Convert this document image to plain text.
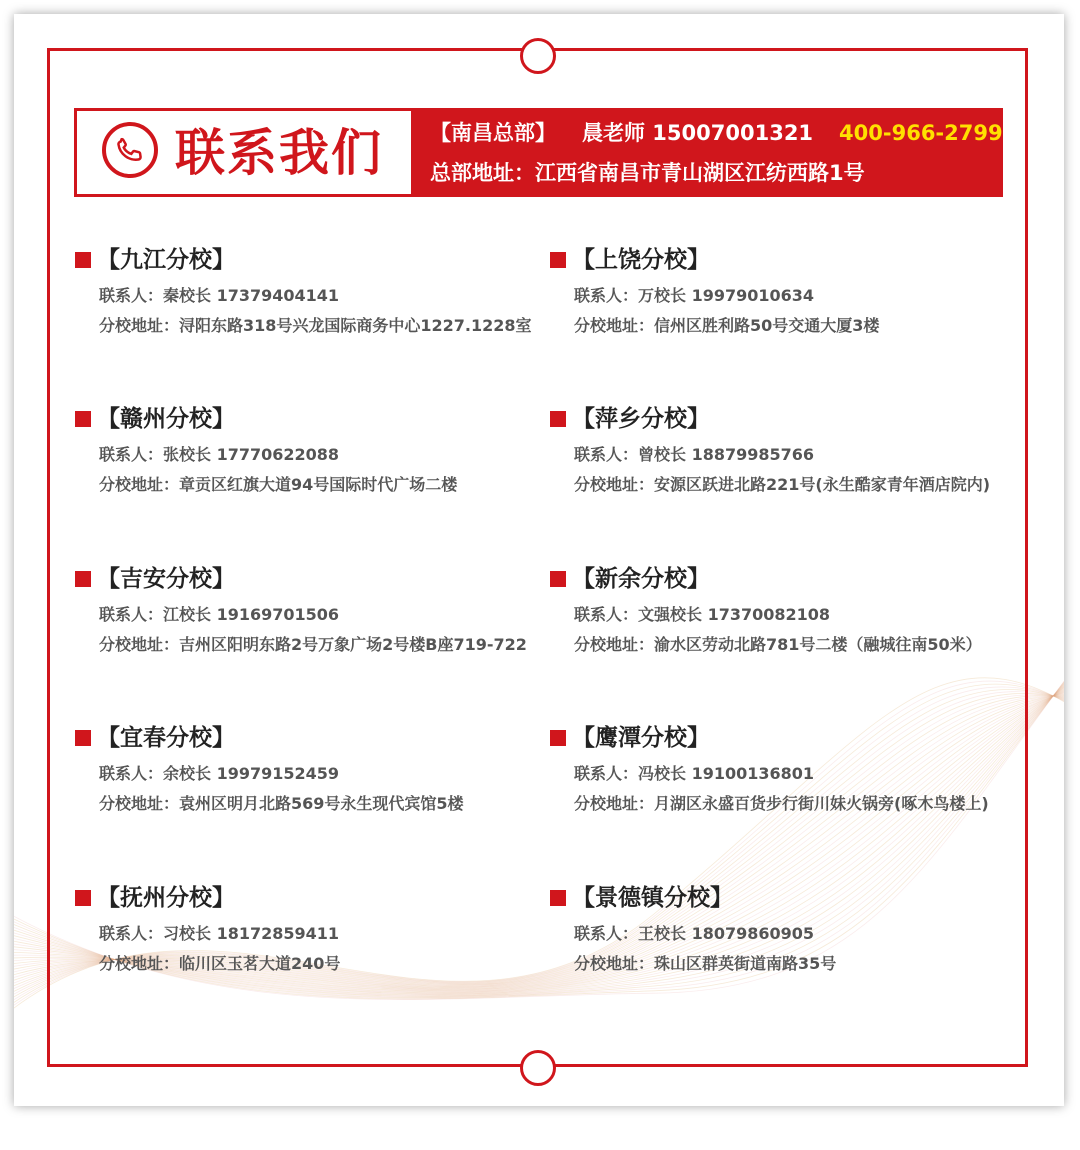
联系我们 【南昌总部】 晨老师 15007001321 400-966-2799
总部地址：江西省南昌市青山湖区江纺西路1号
【九江分校】
联系人：秦校长 17379404141
分校地址：浔阳东路318号兴龙国际商务中心1227.1228室
【上饶分校】
联系人：万校长 19979010634
分校地址：信州区胜利路50号交通大厦3楼
【赣州分校】
联系人：张校长 17770622088
分校地址：章贡区红旗大道94号国际时代广场二楼
【萍乡分校】
联系人：曾校长 18879985766
分校地址：安源区跃进北路221号(永生酷家青年酒店院内)
【吉安分校】
联系人：江校长 19169701506
分校地址：吉州区阳明东路2号万象广场2号楼B座719-722
【新余分校】
联系人：文强校长 17370082108
分校地址：渝水区劳动北路781号二楼（融城往南50米）
【宜春分校】
联系人：余校长 19979152459
分校地址：袁州区明月北路569号永生现代宾馆5楼
【鹰潭分校】
联系人：冯校长 19100136801
分校地址：月湖区永盛百货步行街川妹火锅旁(啄木鸟楼上)
【抚州分校】
联系人：习校长 18172859411
分校地址：临川区玉茗大道240号
【景德镇分校】
联系人：王校长 18079860905
分校地址：珠山区群英街道南路35号
